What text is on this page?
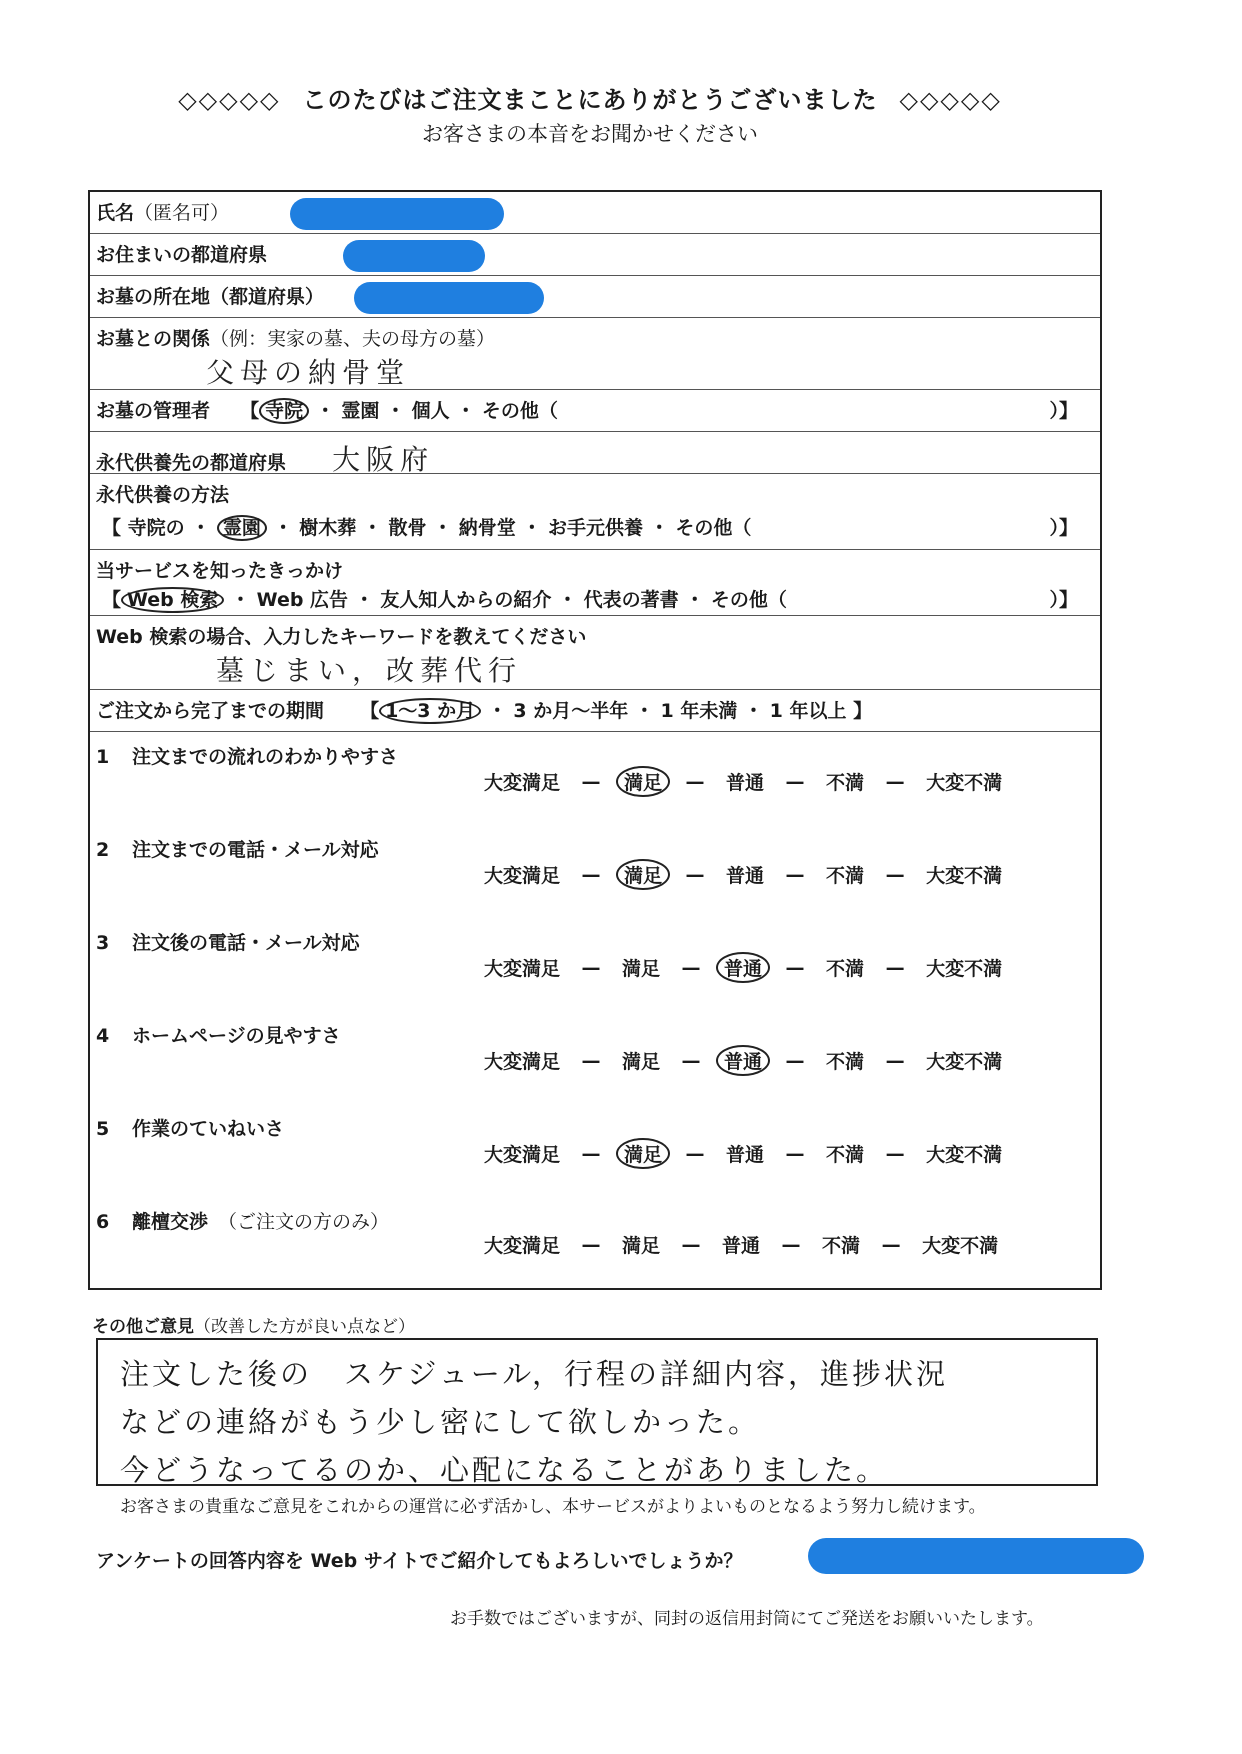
◇◇◇◇◇ このたびはご注文まことにありがとうございました ◇◇◇◇◇
お客さまの本音をお聞かせください
氏名（匿名可）
お住まいの都道府県
お墓の所在地（都道府県）
お墓との関係（例：実家の墓、夫の母方の墓）
父母の納骨堂
お墓の管理者 【 寺院 ・ 霊園 ・ 個人 ・ その他（	）】
永代供養先の都道府県 大阪府
永代供養の方法
【 寺院の ・ 霊園 ・ 樹木葬 ・ 散骨 ・ 納骨堂 ・ お手元供養 ・ その他（	）】
当サービスを知ったきっかけ
【 Web 検索 ・ Web 広告 ・ 友人知人からの紹介 ・ 代表の著書 ・ その他（	）】
Web 検索の場合、入力したキーワードを教えてください
墓じまい，改葬代行
ご注文から完了までの期間 【 1〜3 か月 ・ 3 か月〜半年 ・ 1 年未満 ・ 1 年以上 】
1 注文までの流れのわかりやすさ
大変満足	—	満足	—	普通	—	不満	—	大変不満
2 注文までの電話・メール対応
大変満足	—	満足	—	普通	—	不満	—	大変不満
3 注文後の電話・メール対応
大変満足	—	満足	—	普通	—	不満	—	大変不満
4 ホームページの見やすさ
大変満足	—	満足	—	普通	—	不満	—	大変不満
5 作業のていねいさ
大変満足	—	満足	—	普通	—	不満	—	大変不満
6 離檀交渉 （ご注文の方のみ）
大変満足	—	満足	—	普通	—	不満	—	大変不満
その他ご意見（改善した方が良い点など）

注文した後の　スケジュール，行程の詳細内容，進捗状況

などの連絡がもう少し密にして欲しかった。

今どうなってるのか、心配になることがありました。

お客さまの貴重なご意見をこれからの運営に必ず活かし、本サービスがよりよいものとなるよう努力し続けます。
アンケートの回答内容を Web サイトでご紹介してもよろしいでしょうか？
お手数ではございますが、同封の返信用封筒にてご発送をお願いいたします。
